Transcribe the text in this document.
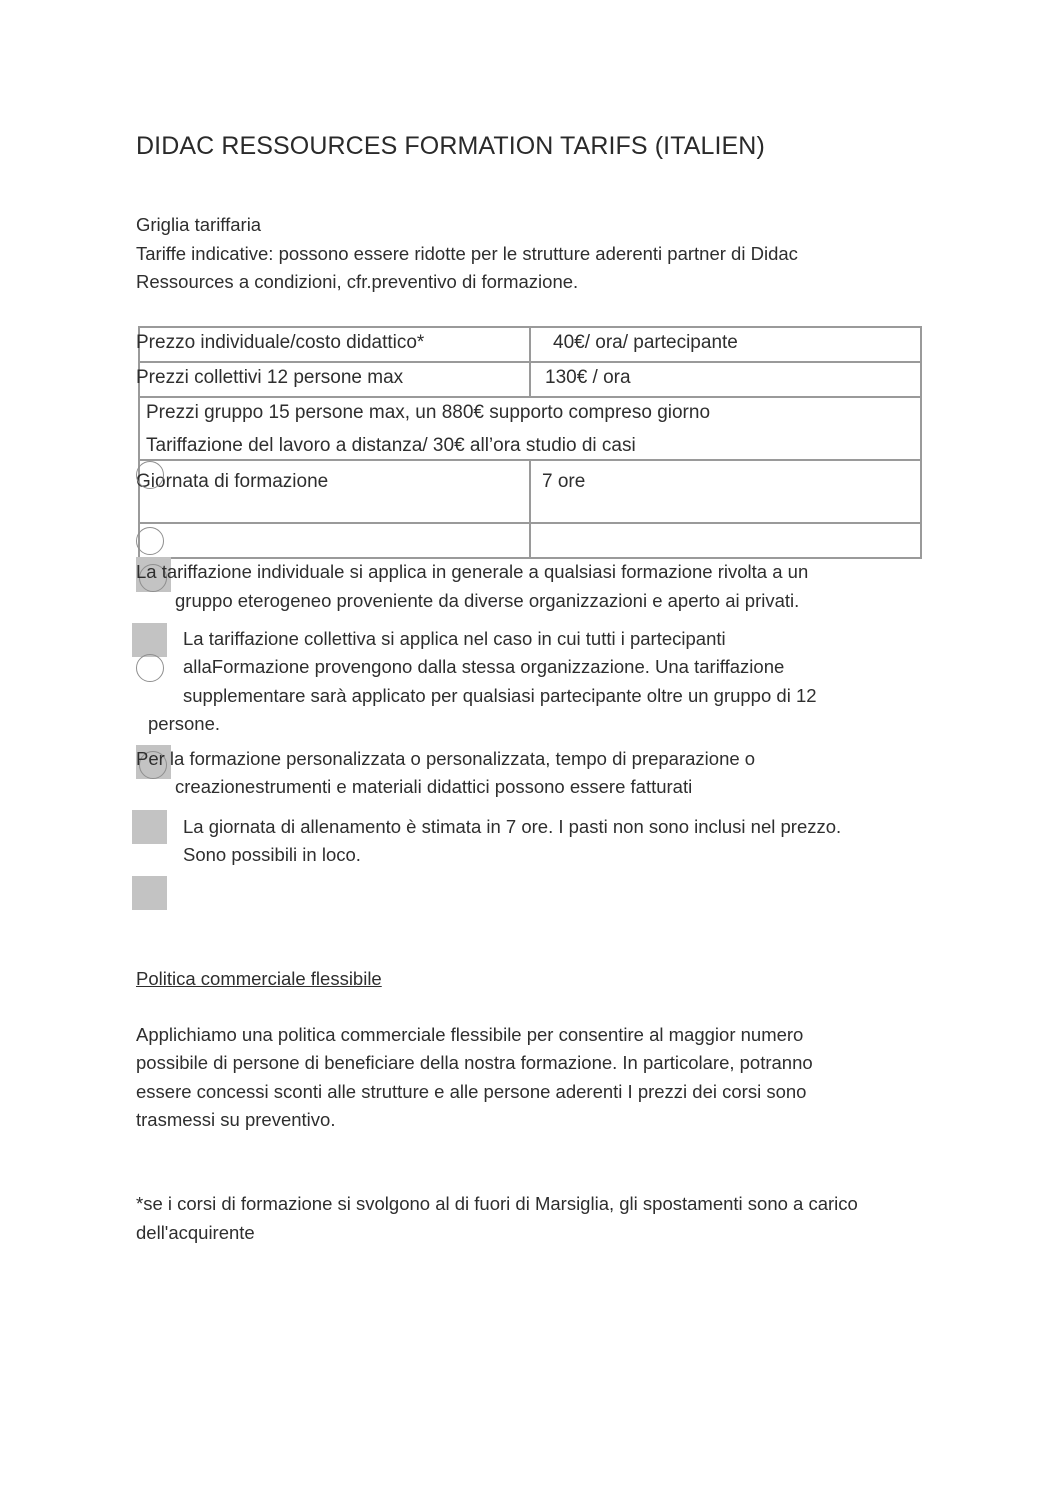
DIDAC RESSOURCES FORMATION TARIFS (ITALIEN)
Griglia tariffaria
Tariffe indicative: possono essere ridotte per le strutture aderenti partner di Didac
Ressources a condizioni, cfr.preventivo di formazione.
Prezzo individuale/costo didattico*	40€/ ora/ partecipante
Prezzi collettivi 12 persone max	130€ / ora
Prezzi gruppo 15 persone max, un 880€ supporto compreso giorno
Tariffazione del lavoro a distanza/ 30€ all’ora studio di casi
Giornata di formazione	7 ore
La tariffazione individuale si applica in generale a qualsiasi formazione rivolta a un
gruppo eterogeneo proveniente da diverse organizzazioni e aperto ai privati.
La tariffazione collettiva si applica nel caso in cui tutti i partecipanti
allaFormazione provengono dalla stessa organizzazione. Una tariffazione
supplementare sarà applicato per qualsiasi partecipante oltre un gruppo di 12
persone.
Per la formazione personalizzata o personalizzata, tempo di preparazione o
creazionestrumenti e materiali didattici possono essere fatturati
La giornata di allenamento è stimata in 7 ore. I pasti non sono inclusi nel prezzo.
Sono possibili in loco.
Politica commerciale flessibile
Applichiamo una politica commerciale flessibile per consentire al maggior numero
possibile di persone di beneficiare della nostra formazione. In particolare, potranno
essere concessi sconti alle strutture e alle persone aderenti I prezzi dei corsi sono
trasmessi su preventivo.
*se i corsi di formazione si svolgono al di fuori di Marsiglia, gli spostamenti sono a carico
dell'acquirente
